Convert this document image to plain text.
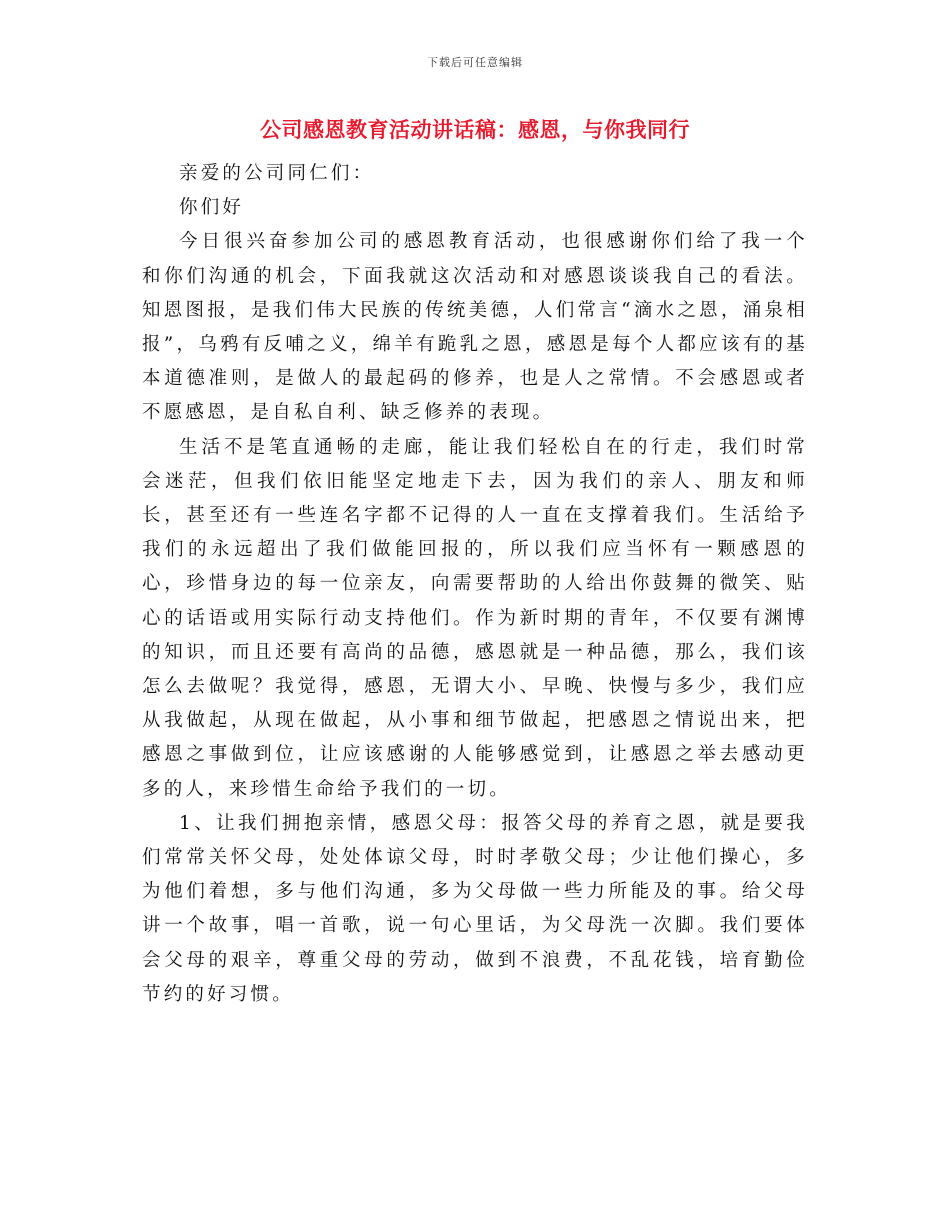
下载后可任意编辑
公司感恩教育活动讲话稿：感恩，与你我同行

亲爱的公司同仁们：

你们好

今日很兴奋参加公司的感恩教育活动，也很感谢你们给了我一个和你们沟通的机会，下面我就这次活动和对感恩谈谈我自己的看法。知恩图报，是我们伟大民族的传统美德，人们常言“滴水之恩，涌泉相报”，乌鸦有反哺之义，绵羊有跪乳之恩，感恩是每个人都应该有的基本道德准则，是做人的最起码的修养，也是人之常情。不会感恩或者不愿感恩，是自私自利、缺乏修养的表现。

生活不是笔直通畅的走廊，能让我们轻松自在的行走，我们时常会迷茫，但我们依旧能坚定地走下去，因为我们的亲人、朋友和师长，甚至还有一些连名字都不记得的人一直在支撑着我们。生活给予我们的永远超出了我们做能回报的，所以我们应当怀有一颗感恩的心，珍惜身边的每一位亲友，向需要帮助的人给出你鼓舞的微笑、贴心的话语或用实际行动支持他们。作为新时期的青年，不仅要有渊博的知识，而且还要有高尚的品德，感恩就是一种品德，那么，我们该怎么去做呢？我觉得，感恩，无谓大小、早晚、快慢与多少，我们应从我做起，从现在做起，从小事和细节做起，把感恩之情说出来，把感恩之事做到位，让应该感谢的人能够感觉到，让感恩之举去感动更多的人，来珍惜生命给予我们的一切。

1、让我们拥抱亲情，感恩父母：报答父母的养育之恩，就是要我们常常关怀父母，处处体谅父母，时时孝敬父母；少让他们操心，多为他们着想，多与他们沟通，多为父母做一些力所能及的事。给父母讲一个故事，唱一首歌，说一句心里话，为父母洗一次脚。我们要体会父母的艰辛，尊重父母的劳动，做到不浪费，不乱花钱，培育勤俭节约的好习惯。
